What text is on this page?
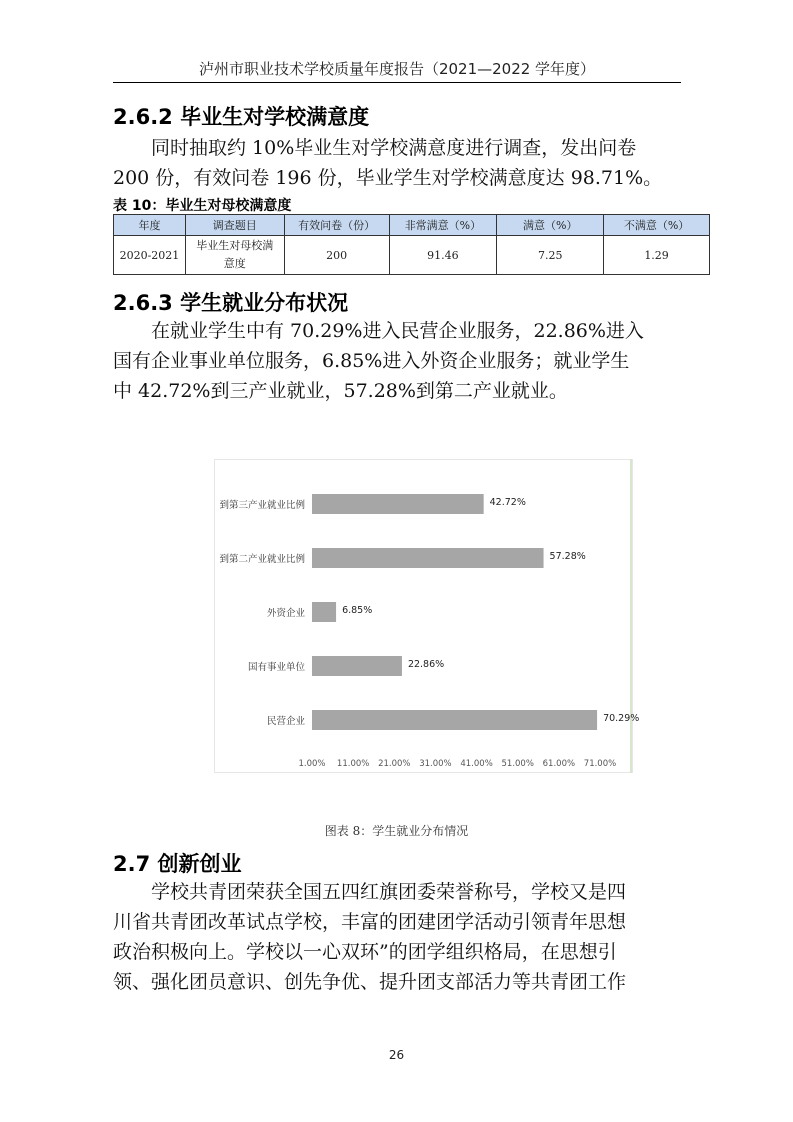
泸州市职业技术学校质量年度报告（2021—2022 学年度）
2.6.2 毕业生对学校满意度
同时抽取约 10%毕业生对学校满意度进行调查，发出问卷
200 份，有效问卷 196 份，毕业学生对学校满意度达 98.71%。
表 10：毕业生对母校满意度
年度	调查题目	有效问卷（份）	非常满意（%）	满意（%）	不满意（%）
2020-2021	毕业生对母校满
意度	200	91.46	7.25	1.29
2.6.3 学生就业分布状况
在就业学生中有 70.29%进入民营企业服务，22.86%进入
国有企业事业单位服务，6.85%进入外资企业服务；就业学生
中 42.72%到三产业就业，57.28%到第二产业就业。
到第三产业就业比例	42.72%
到第二产业就业比例	57.28%
外资企业	6.85%
国有事业单位	22.86%
民营企业	70.29%
1.00% 11.00% 21.00% 31.00% 41.00% 51.00% 61.00% 71.00%
图表 8：学生就业分布情况
2.7 创新创业
学校共青团荣获全国五四红旗团委荣誉称号，学校又是四
川省共青团改革试点学校，丰富的团建团学活动引领青年思想
政治积极向上。学校以一心双环”的团学组织格局，在思想引
领、强化团员意识、创先争优、提升团支部活力等共青团工作
26
